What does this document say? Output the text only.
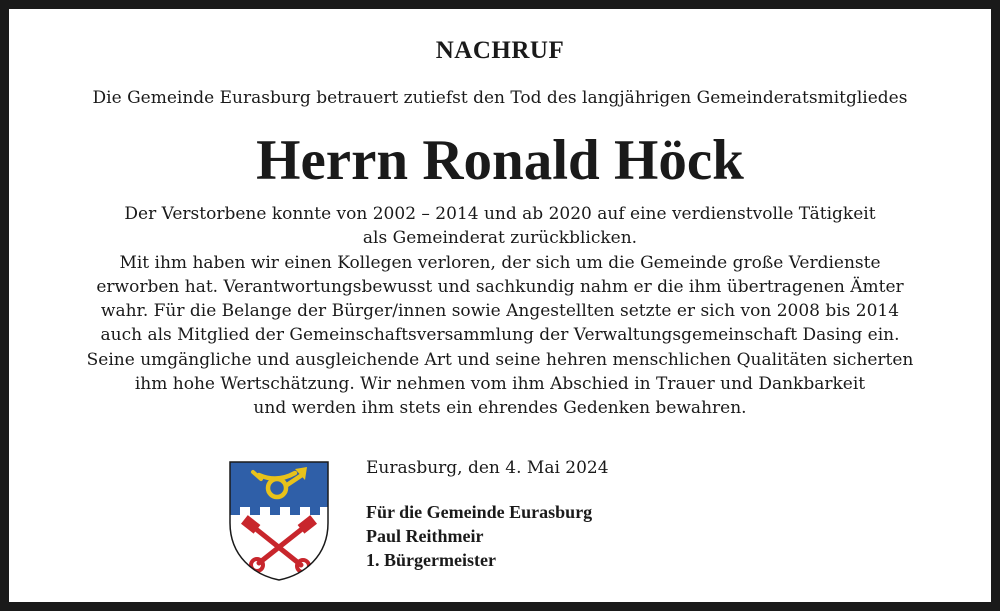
NACHRUF
Die Gemeinde Eurasburg betrauert zutiefst den Tod des langjährigen Gemeinderatsmitgliedes
Herrn Ronald Höck
Der Verstorbene konnte von 2002 – 2014 und ab 2020 auf eine verdienstvolle Tätigkeit
als Gemeinderat zurückblicken.
Mit ihm haben wir einen Kollegen verloren, der sich um die Gemeinde große Verdienste
erworben hat. Verantwortungsbewusst und sachkundig nahm er die ihm übertragenen Ämter
wahr. Für die Belange der Bürger/innen sowie Angestellten setzte er sich von 2008 bis 2014
auch als Mitglied der Gemeinschaftsversammlung der Verwaltungsgemeinschaft Dasing ein.
Seine umgängliche und ausgleichende Art und seine hehren menschlichen Qualitäten sicherten
ihm hohe Wertschätzung. Wir nehmen vom ihm Abschied in Trauer und Dankbarkeit
und werden ihm stets ein ehrendes Gedenken bewahren.
Eurasburg, den 4. Mai 2024
Für die Gemeinde Eurasburg
Paul Reithmeir
1. Bürgermeister
